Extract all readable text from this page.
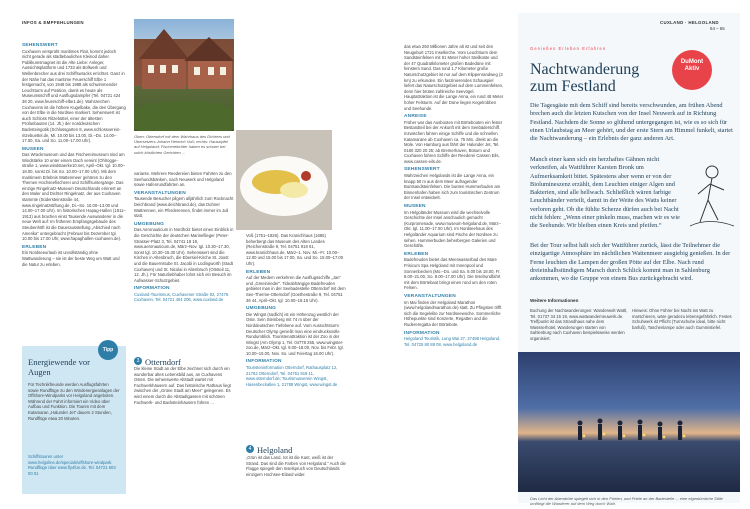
INFOS & EMPFEHLUNGEN
SEHENSWERT
Cuxhaven versprüht maritimes Flair, kommt jedoch nicht gerade als städtebauliches Kleinod daher. Publikumsmagnet ist die Alte Liebe: Anleger, Aussichtsplattform und 1733 als Bollwerk und Wellenbrecher aus drei Schiffswracks errichtet. Ganz in der Nähe hat das maritime Feuerschiff Elbe 1 festgemacht, von 1948 bis 1988 als schwimmender Leuchtturm auf Position, damit es heute als Museumsschiff und Ausflugsdampfer (Tel. 04721 424 38 20, www.feuerschiff-elbe1.de). Wahrzeichen Cuxhavens ist die höhere Kugelbake, die den Übergang von der Elbe in die Nordsee markiert. Sehenswert ist auch Schloss Ritzebüttel, einer der ältesten Profanbauten (14. Jh.) der norddeutschen Backsteingotik (Schlossgarten 8, www.schlossverein-ritzebuettel.de, Mi. 10.00 bis 13.00, Di.–Do. 14.00–17.00, Sa. und So. 11.00–17.00 Uhr).
MUSEEN
Das Wrackmuseum und das Fischereimuseum sind am Windstärke 10 unter einem Dach vereint (Ohlrogge-straße 1, www.windstaerke10.net, April–Okt. tgl. 10.00–18.00, sonst Di. bis So. 10.00–17.00 Uhr). Mit dem maritimem Erlebnis Wattenmeer gehören zu den Themen Hochseefischerei und Schiffsuntergänge. Das einzige Ringelnatz-Museum Deutschlands erinnert an den Maler und Dichter Ringelnatz, der aus Cuxhaven stammte (Südersteinstraße 44, www.ringelnatzstiftung.de, Di.–So. 10.00–13.00 und 14.00–17.00 Uhr). Im historischen Hapag-Hallen (1911–1913) aus brachen einst Tausende Auswanderer in die neue Welt auf: Im früheren Empfangsgebäude des Steubenhöft ist die Dauerausstellung „Abschied nach Amerika“ untergebracht (Februar bis Dezember tgl. 10.00 bis 17.00 Uhr, www.hapaghallen-cuxhaven.de).
ERLEBEN
Ein Nordseeurlaub ist unvollständig ohne Wattwanderung – sie ist der beste Weg um Watt und die Natur zu erleben.
Tipp
Energiewende vor Augen
Für Technikfreunde werden Ausflugsfahrten sowie Rundflüge zu den Windenergieanlagen der Offshore-Windparks vor Helgoland angeboten. Während der Fahrt informiert ein Video über Aufbau und Funktion. Die Touren mit dem Katamaran „Halunder Jet“ dauern 2 Stunden, Rundflüge etwa 20 Minuten.
Schiffstouren unter www.helgoline.de/specials/offshore-windpark. Rundflüge über www.fly4fun.de, Tel. 04721 603 00 01
Oben: Otterndorf mit dem Wahrhaus des Dichters und Übersetzers Johann Heinrich Voß; rechts: Hauszipfel auf Helgoland; Fischereibröter haben es schwer bei solch köstlichen Gerichten ...
variante. Mehrere Reedereien bieten Fahrten zu den Seehundsbänken, nach Neuwerk und Helgoland sowie Hafenrundfahrten an.
VERANSTALTUNGEN
Tausende Besucher pilgern alljährlich zum Rocknacht Deichbrand (www.deichbrand.de), das Duhner Wattrennen, ein Pferderennen, findet immer im Juli statt.
UMGEBUNG
Das Aeronauticum in Nordholz bietet einen Einblick in die Geschichte der deutschen Marineflieger (Peter-Strasser-Platz 3, Tel. 04741 18 19, www.aeronauticum.de, März–Nov. tgl. 10.30–17.30, sonst tgl. 10.30–15.30 Uhr). Sehenswert sind die Kirchen in Altenbruch, die Ebersiel-Kirche St. Joost und die Bauernstube St. Jacobi in Lüdingworth (Stadt Cuxhaven) und St. Nicolai in Altenbruch (Ortsteil 11, 12. Jh.). Für Naturliebhaber lohnt sich ein Besuch im Aufwasser-Schutzgebiet.
INFORMATION
Cuxland-Tourismus, Cuxhavener Straße 92, 27476 Cuxhaven, Tel. 04721 404 206, www.cuxland.de
3 Otterndorf
Die kleine Stadt an der Elbe zeichnet sich durch ein wunderbar altes Lebensbild aus, an Cuxhavens Osten. Die sehenswerte Altstadt wartet mit Fachwerkhäusern auf. Das historische Rathaus liegt zwischen der „Grüne Stadt am Meer“ gelegenen. Es wird einem durch die Altstadtgassen mit schönen Fachwerk- und Backsteinhäusern führen ...
Voß (1751–1826). Das Kranichhaus (1685) beherbergt das Museum des Alten Landes (Reichenstraße 9, Tel. 04751 919 61, www.kranichhaus.de, März–1. Nov. Mi.–Fr. 10.00–12.00 und 15.00 bis 17.00, Sa. und So. 15.00–17.00 Uhr).
ERLEBEN
Auf der Medem verkehren die Ausflugsschiffe „Jan“ und „Gmeinrieder“. Tideabhängige Badefreuden gebietet man in der Seebadestelle Otterndorf mit dem See-Therme-Otterndorf (Goethestraße 9, Tel. 04751 36 44, April–Okt. tgl. 10.00–18.15 Uhr).
UMGEBUNG
Die Wingst (südlich) ist ein Höhenzug westlich der Oste. Sein Steinberg mit 74 m über der Norddeutschen Tiefebene auf. Vom Aussichtsturm Deutscher Olymp genießt man eine eindrucksvolle Rundumblick. Touristenattraktion ist der Zoo in der Wingst (Am Olymp 1, Tel. 04778 255, www.wingster-zoo.de, März–Okt. tgl. 9.00–18.00, Nov. bis Febr. tgl. 10.00–16.00, Nov. So. und Feiertag 16.00 Uhr).
INFORMATION
Touristeninformation Otterndorf, Rathausplatz 12, 21762 Otterndorf, Tel. 04751 919 11, www.otterndorf.de; Tourismusverein Wingst, Hasenbeckallee 1, 21789 Wingst, www.wingst.de
4 Helgoland
„Grün ist das Land, rot ist die Kant, weiß ist der Strand. Das sind die Farben von Helgoland.“ Auch die Flagge spiegelt den Inselspruch von Deutschlands einzigem Hochsee-Eiland wider.
das etwa 250 Millionen Jahre alt ist und seit den Neugeburt 1721 Inselkirche. Vom Leuchtturm dem Sandsteinfelsen mit 61 Meter hoher Steilküste und der 47 Quadratkilometer großen Badedüne mit feinstem Sand. Das rund 1,7 Kilometer große Naturschutzgebiet ist nur auf dem Klippenrandweg (3 km) zu erkunden. Ein faszinierendes Schauspiel liefert das Naturschutzgebiet auf dem Lummenfelsen, denn hier brüten zahlreiche Seevögel. Hauptattraktion ist die Lange Anna, ein rund 48 Meter hoher Felsturm. Auf der Düne liegen Kegelrobben und Seehunde.
ANREISE
Früher war das Ausbooten mit Börtebooten ein fester Bestandteil bei der Ankunft mit dem Seebäderschiff. Inzwischen fahren einige Schiffe und die schnellen Katamarane ab Cuxhaven ca. 75 Min. direkt an die Mole. Von Hamburg aus fährt der Halunder Jet, Tel. 0180 320 20 25; ab Bremerhaven, Büsum und Cuxhaven fahren Schiffe der Reederei Cassen Eils, www.cassen-eils.de.
SEHENSWERT
Wahrzeichen Helgolands ist die Lange Anna, ein knapp 50 m aus dem Meer aufragender Buntsandsteinfelsen. Die bunten Hummerbuden am Binnenhafen haben sich zum touristischen Zentrum der Insel entwickelt.
MUSEEN
Im Helgoländer Museum wird die wechselvolle Geschichte der Insel anschaulich gemacht (Kurpromenade, www.museum-helgoland.de, März–Okt. tgl. 11.00–17.00 Uhr). Im Nordseehaus des Helgoländer Aquarium sind Fische der Nordsee zu sehen. Hummerbuden beherbergen Galerien und Geschäfte.
ERLEBEN
Badefreuden bietet das Meerwasserbad des Mare Frisicum Spa Helgoland mit Innenpool und Sonnenbecken (Mo.–Do. und Sa. 8.00 bis 18.00, Fr. 8.00–21.00, So. 8.00–17.00 Uhr). Die Inselrundfahrt mit dem Börtebaot bringt einen rund um den roten Felsen.
VERANSTALTUNGEN
Im Mai finden der Helgoland Marathon (www.helgolandmarathon.de) statt. Zu Pfingsten trifft sich die Segelelite zur Nordseewoche. Sommerliche Höhepunkte sind Konzerte, Regatten und die Rudereregatta der Börtebote.
INFORMATION
Helgoland Touristik, Lung Wai 27, 27498 Helgoland, Tel. 04725 80 88 08, www.helgoland.de
CUXLAND · HELGOLAND
64 – 65
Genießen Erleben Erfahren
DuMont
Aktiv
Nachtwanderung zum Festland
Die Tagesgäste mit dem Schiff sind bereits verschwunden, am frühen Abend brechen auch die letzten Kutschen von der Insel Neuwerk auf in Richtung Festland. Nachdem die Sonne so glühend untergegangen ist, wie es so sich für einen Urlaubstag an Meer gehört, und der erste Stern am Himmel funkelt, startet die Nachtwanderung – ein Erlebnis der ganz anderen Art.
Manch einer kann sich ein herzhaftes Gähnen nicht verkneifen, als Wattführer Karsten Bronk um Aufmerksamkeit bittet. Spätestens aber wenn er von der Biolumineszenz erzählt, dem Leuchten einiger Algen und Bakterien, sind alle hellwach. Schließlich wären farbige Leuchtbänder verteilt, damit in der Weite des Watts keiner verloren geht. Ob die fühlte Scherze dürfen auch bei Nacht nicht fehlen: „Wenn einer pinkeln muss, machen wir es wie die Seehunde. Wir bleiben einen Kreis und pfeifen.“
Bei der Tour selbst hält sich der Wattführer zurück, lässt die Teilnehmer die einzigartige Atmosphäre im nächtlichen Wattenmeer ausgiebig genießen. In der Ferne leuchten die Lampen der großen Pötte auf der Elbe. Nach rund dreieinhalbstündigem Marsch durch Schlick kommt man in Sahlenburg ankommen, wo die Gruppe von einem Bus zurückgebracht wird.
Weitere Informationen
Buchung der Nachtwanderungen: Wanderwelt Wattl, Tel. 01737 34 15 19, www.wattwanderneuwerk.de. Treffpunkt ist das Strandhaus nahe dem Wassserhotel, Wanderungen starten von Sahlenburg nach Cuxhaven beispielsweise werden organisiert.
Hinweis: Ohne Führer bei Nacht ins Watt zu marschieren, wäre geradezu lebensgefährlich. Festes Schuhwerk ist Pflicht (Turnschuhe ideal, bitte nicht barfuß), Taschenlampe oder auch Gummistiefel.
Das Licht der Abendröte spiegelt sich in den Prielen, und Priele an der Badestelle ... eine eigentümliche Stille umfängt die Wanderer auf dem Weg durch Watt.
